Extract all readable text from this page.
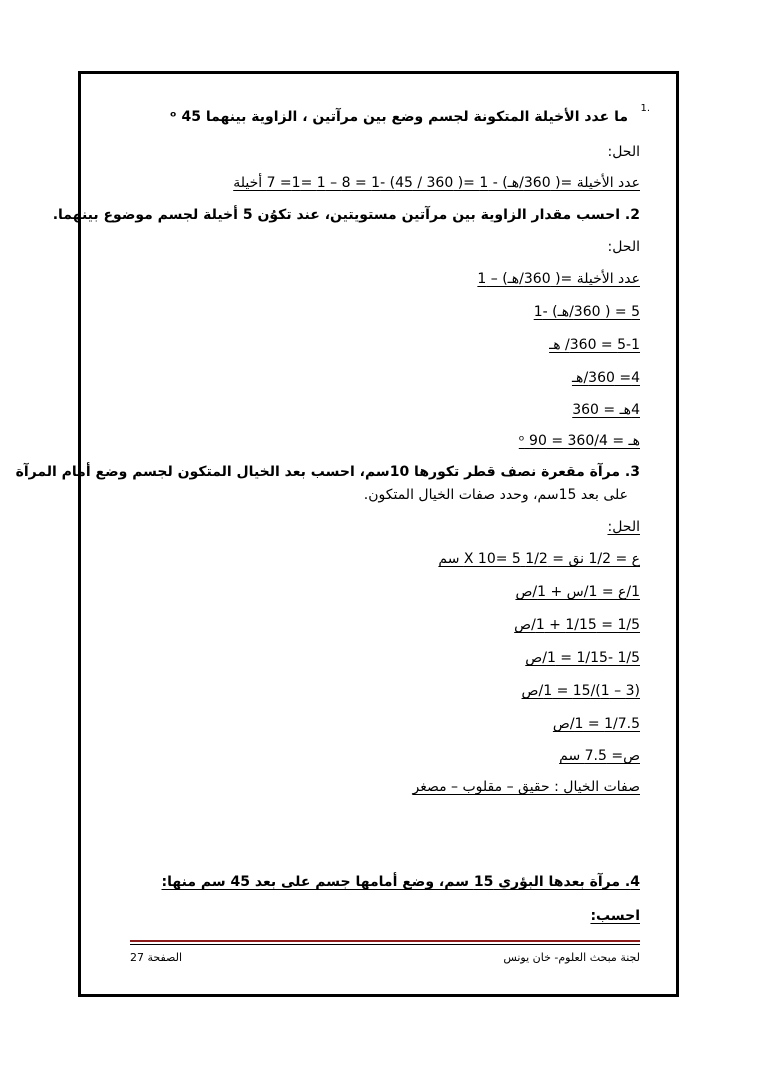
1.
ما عدد الأخيلة المتكونة لجسم وضع بين مرآتين ، الزاوية بينهما 45 ᵒ
الحل:
عدد الأخيلة =( 360/هـ) - 1 =( 360 / 45) -1 = 8 – 1 =1= 7 أخيلة
2. احسب مقدار الزاوية بين مرآتين مستويتين، عند تكوُن 5 أخيلة لجسم موضوع بينهما.
الحل:
عدد الأخيلة =( 360/هـ) – 1
5 = ( 360/هـ) -1
5-1 = 360/ هـ
4= 360/هـ
4هـ = 360
هـ = 360/4 = 90 ᵒ
3. مرآة مقعرة نصف قطر تكورها 10سم، احسب بعد الخيال المتكون لجسم وضع أمام المرآة
على بعد 15سم، وحدد صفات الخيال المتكون.
الحل:
ع = 1/2 نق = 1/2 X 10= 5 سم
1/ع = 1/س + 1/ص
1/5 = 1/15 + 1/ص
1/5 -1/15 = 1/ص
(3 – 1)/15 = 1/ص
1/7.5 = 1/ص
ص= 7.5 سم
صفات الخيال : حقيق – مقلوب – مصغر
4. مرآة بعدها البؤري 15 سم، وضع أمامها جسم على بعد 45 سم منها:
احسب:
الصفحة 27	لجنة مبحث العلوم- خان يونس
